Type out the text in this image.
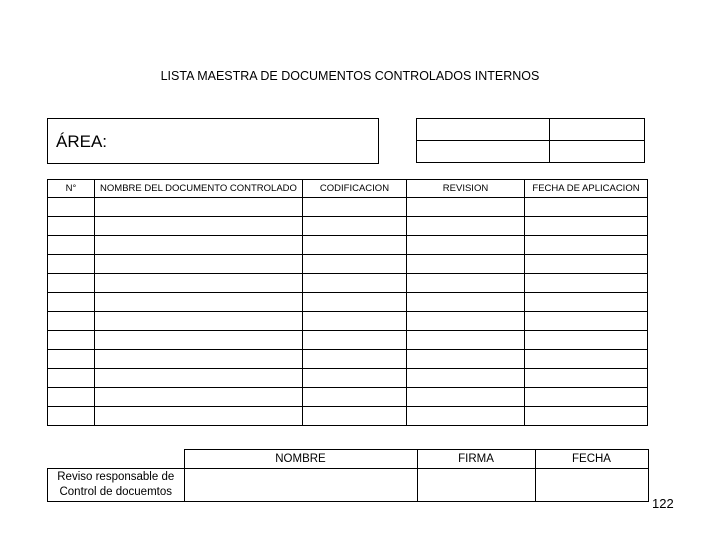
LISTA MAESTRA DE DOCUMENTOS CONTROLADOS INTERNOS
ÁREA:

N°	NOMBRE DEL DOCUMENTO CONTROLADO	CODIFICACION	REVISION	FECHA DE APLICACION

	NOMBRE	FIRMA	FECHA

Reviso responsable de
Control de docuemtos			

122
